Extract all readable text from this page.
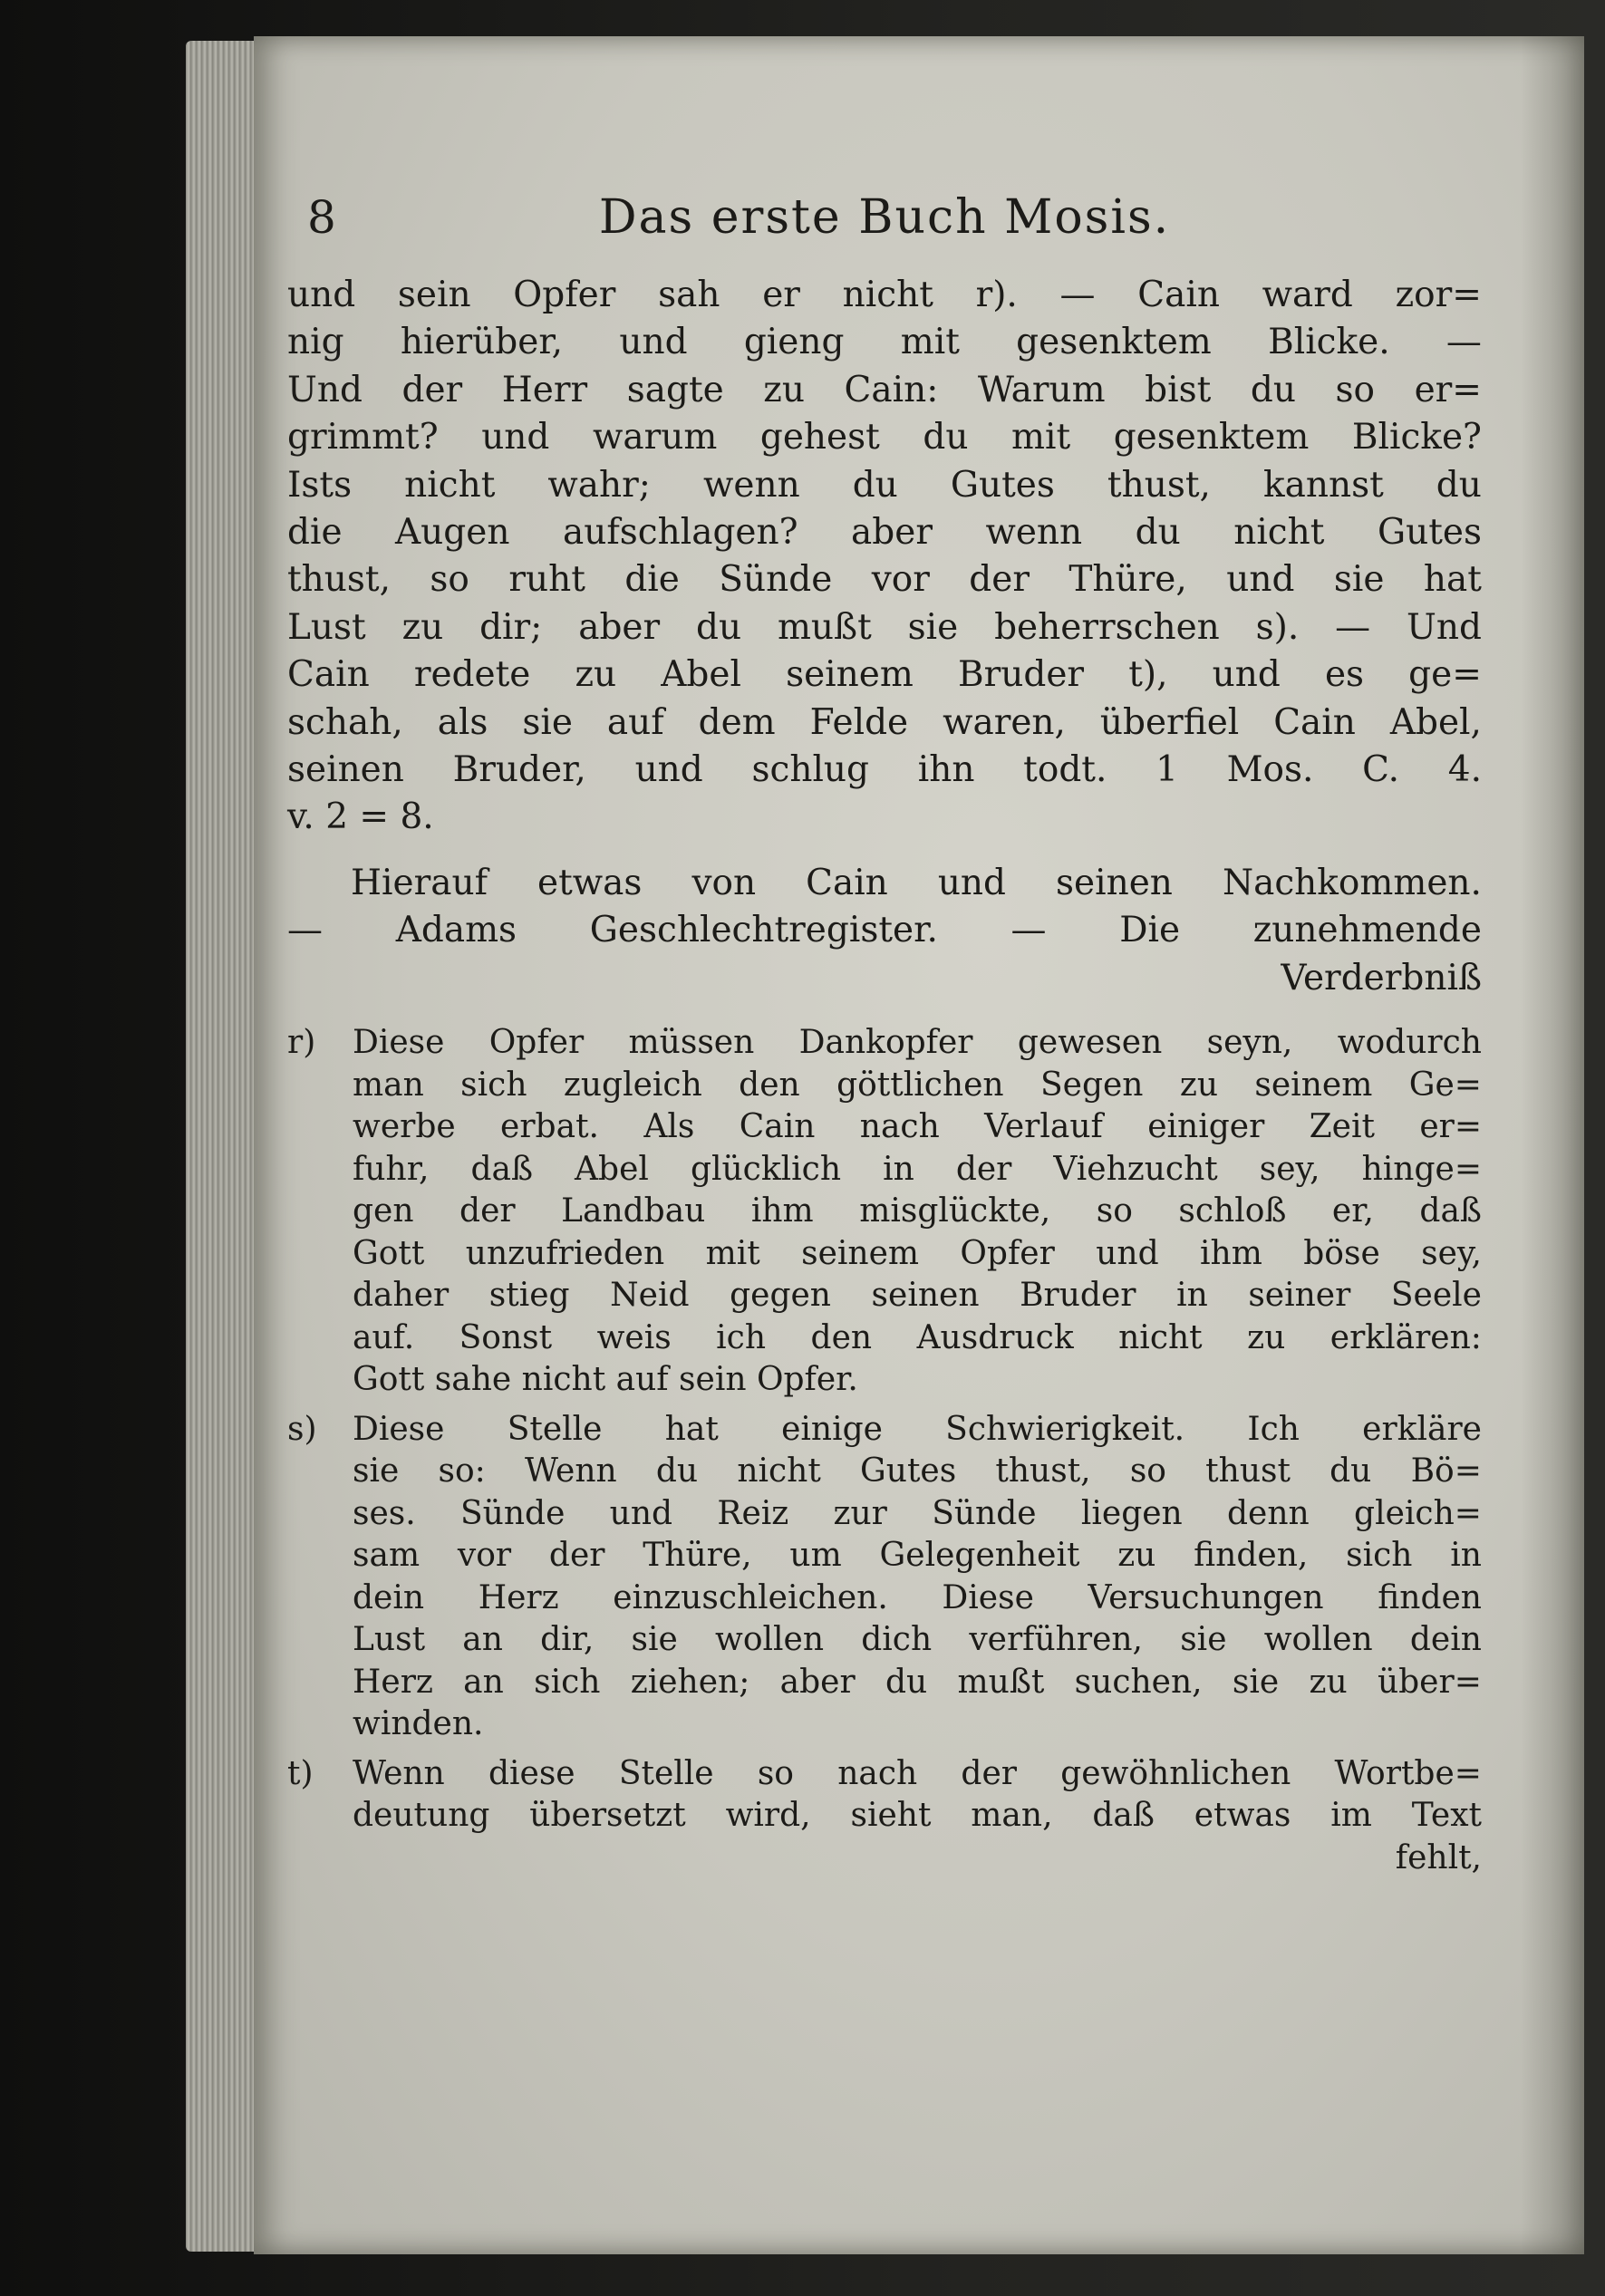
8	Das erste Buch Mosis.
und sein Opfer sah er nicht r). — Cain ward zor=
nig hierüber, und gieng mit gesenktem Blicke. —
Und der Herr sagte zu Cain: Warum bist du so er=
grimmt? und warum gehest du mit gesenktem Blicke?
Ists nicht wahr; wenn du Gutes thust, kannst du
die Augen aufschlagen? aber wenn du nicht Gutes
thust, so ruht die Sünde vor der Thüre, und sie hat
Lust zu dir; aber du mußt sie beherrschen s). — Und
Cain redete zu Abel seinem Bruder t), und es ge=
schah, als sie auf dem Felde waren, überfiel Cain Abel,
seinen Bruder, und schlug ihn todt. 1 Mos. C. 4.
v. 2 = 8.
Hierauf etwas von Cain und seinen Nachkommen.
— Adams Geschlechtregister. — Die zunehmende
Verderbniß
r)	Diese Opfer müssen Dankopfer gewesen seyn, wodurch
man sich zugleich den göttlichen Segen zu seinem Ge=
werbe erbat. Als Cain nach Verlauf einiger Zeit er=
fuhr, daß Abel glücklich in der Viehzucht sey, hinge=
gen der Landbau ihm misglückte, so schloß er, daß
Gott unzufrieden mit seinem Opfer und ihm böse sey,
daher stieg Neid gegen seinen Bruder in seiner Seele
auf. Sonst weis ich den Ausdruck nicht zu erklären:
Gott sahe nicht auf sein Opfer.
s)	Diese Stelle hat einige Schwierigkeit. Ich erkläre
sie so: Wenn du nicht Gutes thust, so thust du Bö=
ses. Sünde und Reiz zur Sünde liegen denn gleich=
sam vor der Thüre, um Gelegenheit zu finden, sich in
dein Herz einzuschleichen. Diese Versuchungen finden
Lust an dir, sie wollen dich verführen, sie wollen dein
Herz an sich ziehen; aber du mußt suchen, sie zu über=
winden.
t)	Wenn diese Stelle so nach der gewöhnlichen Wortbe=
deutung übersetzt wird, sieht man, daß etwas im Text
fehlt,
